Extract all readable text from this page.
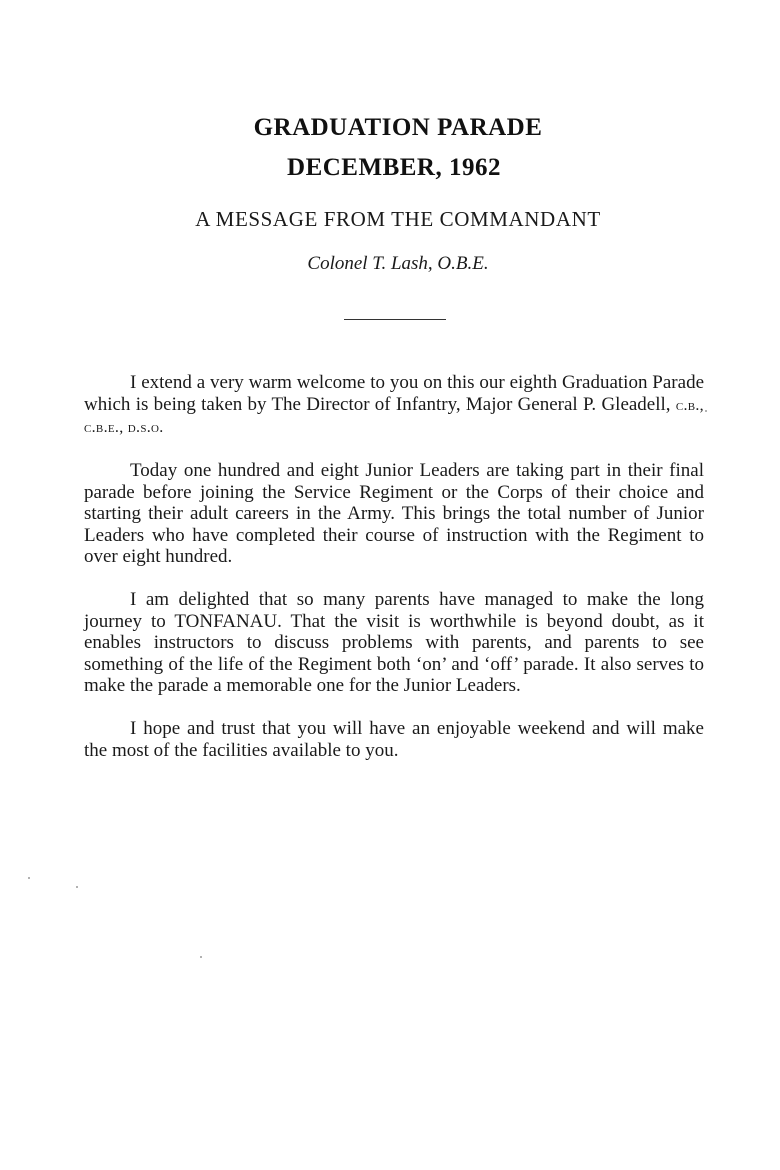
GRADUATION PARADE
DECEMBER, 1962
A MESSAGE FROM THE COMMANDANT
Colonel T. Lash, O.B.E.

I extend a very warm welcome to you on this our eighth Graduation Parade which is being taken by The Director of Infantry, Major General P. Gleadell, c.b., c.b.e., d.s.o.

Today one hundred and eight Junior Leaders are taking part in their final parade before joining the Service Regiment or the Corps of their choice and starting their adult careers in the Army. This brings the total number of Junior Leaders who have completed their course of instruction with the Regiment to over eight hundred.

I am delighted that so many parents have managed to make the long journey to TONFANAU. That the visit is worthwhile is beyond doubt, as it enables instructors to discuss problems with parents, and parents to see something of the life of the Regiment both ‘on’ and ‘off’ parade. It also serves to make the parade a memorable one for the Junior Leaders.

I hope and trust that you will have an enjoyable weekend and will make the most of the facilities available to you.
